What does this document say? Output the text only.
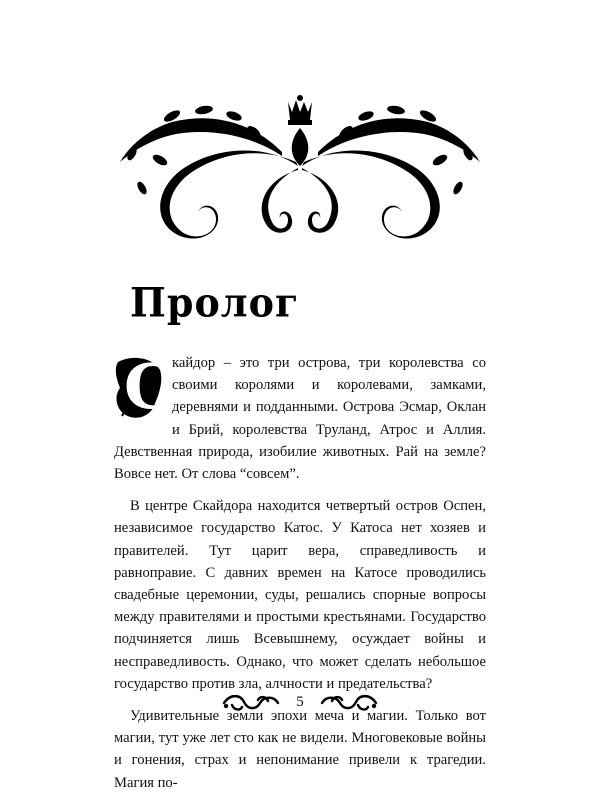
Пролог

С
кайдор – это три острова, три королевства со своими королями и королевами, замками, деревнями и подданными. Острова Эсмар, Оклан и Брий, королевства Труланд, Атрос и Аллия. Девственная природа, изобилие животных. Рай на земле? Вовсе нет. От слова “совсем”.

В центре Скайдора находится четвертый остров Оспен, независимое государство Катос. У Катоса нет хозяев и правителей. Тут царит вера, справедливость и равноправие. С давних времен на Катосе проводились свадебные церемонии, суды, решались спорные вопросы между правителями и простыми крестьянами. Государство подчиняется лишь Всевышнему, осуждает войны и несправедливость. Однако, что может сделать небольшое государство против зла, алчности и предательства?

Удивительные земли эпохи меча и магии. Только вот магии, тут уже лет сто как не видели. Многовековые войны и гонения, страх и непонимание привели к трагедии. Магия по-

5
